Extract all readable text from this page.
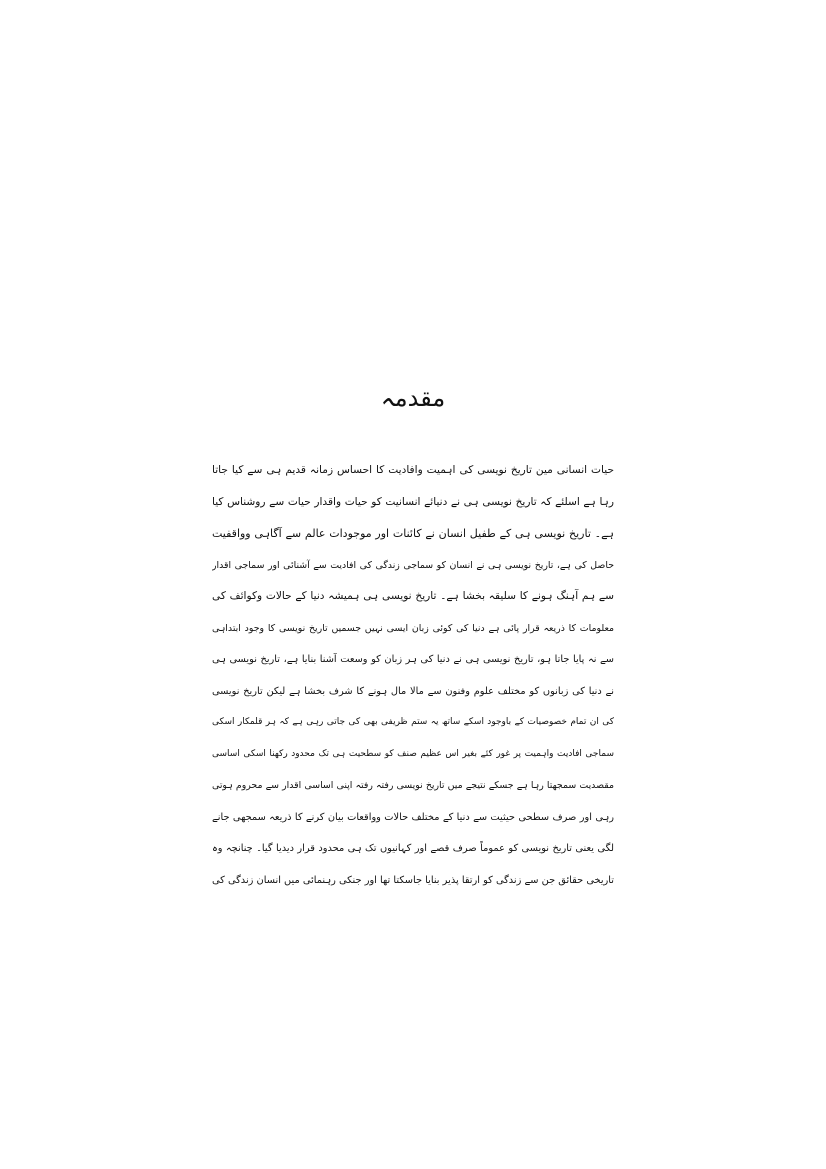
مقدمہ
حیات انسانی مین تاریخ نویسی کی اہمیت وافادیت کا احساس زمانہ قدیم ہی سے کیا جاتا
رہا ہے اسلئے کہ تاریخ نویسی ہی نے دنیائے انسانیت کو حیات واقدار حیات سے روشناس کیا
ہے۔ تاریخ نویسی ہی کے طفیل انسان نے کائنات اور موجودات عالم سے آگاہی وواقفیت
حاصل کی ہے، تاریخ نویسی ہی نے انسان کو سماجی زندگی کی افادیت سے آشنائی اور سماجی اقدار
سے ہم آہنگ ہونے کا سلیقہ بخشا ہے۔ تاریخ نویسی ہی ہمیشہ دنیا کے حالات وکوائف کی
معلومات کا ذریعہ قرار پائی ہے دنیا کی کوئی زبان ایسی نہیں جسمیں تاریخ نویسی کا وجود ابتداہی
سے نہ پایا جاتا ہو، تاریخ نویسی ہی نے دنیا کی ہر زبان کو وسعت آشنا بنایا ہے، تاریخ نویسی ہی
نے دنیا کی زبانوں کو مختلف علوم وفنون سے مالا مال ہونے کا شرف بخشا ہے لیکن تاریخ نویسی
کی ان تمام خصوصیات کے باوجود اسکے ساتھ یہ ستم ظریفی بھی کی جاتی رہی ہے کہ ہر قلمکار اسکی
سماجی افادیت واہمیت پر غور کئے بغیر اس عظیم صنف کو سطحیت ہی تک محدود رکھنا اسکی اساسی
مقصدیت سمجھتا رہا ہے جسکے نتیجے میں تاریخ نویسی رفتہ رفتہ اپنی اساسی اقدار سے محروم ہوتی
رہی اور صرف سطحی حیثیت سے دنیا کے مختلف حالات وواقعات بیان کرنے کا ذریعہ سمجھی جانے
لگی یعنی تاریخ نویسی کو عموماً صرف قصے اور کہانیوں تک ہی محدود قرار دیدیا گیا۔ چنانچہ وہ
تاریخی حقائق جن سے زندگی کو ارتقا پذیر بنایا جاسکتا تھا اور جنکی رہنمائی میں انسان زندگی کی
